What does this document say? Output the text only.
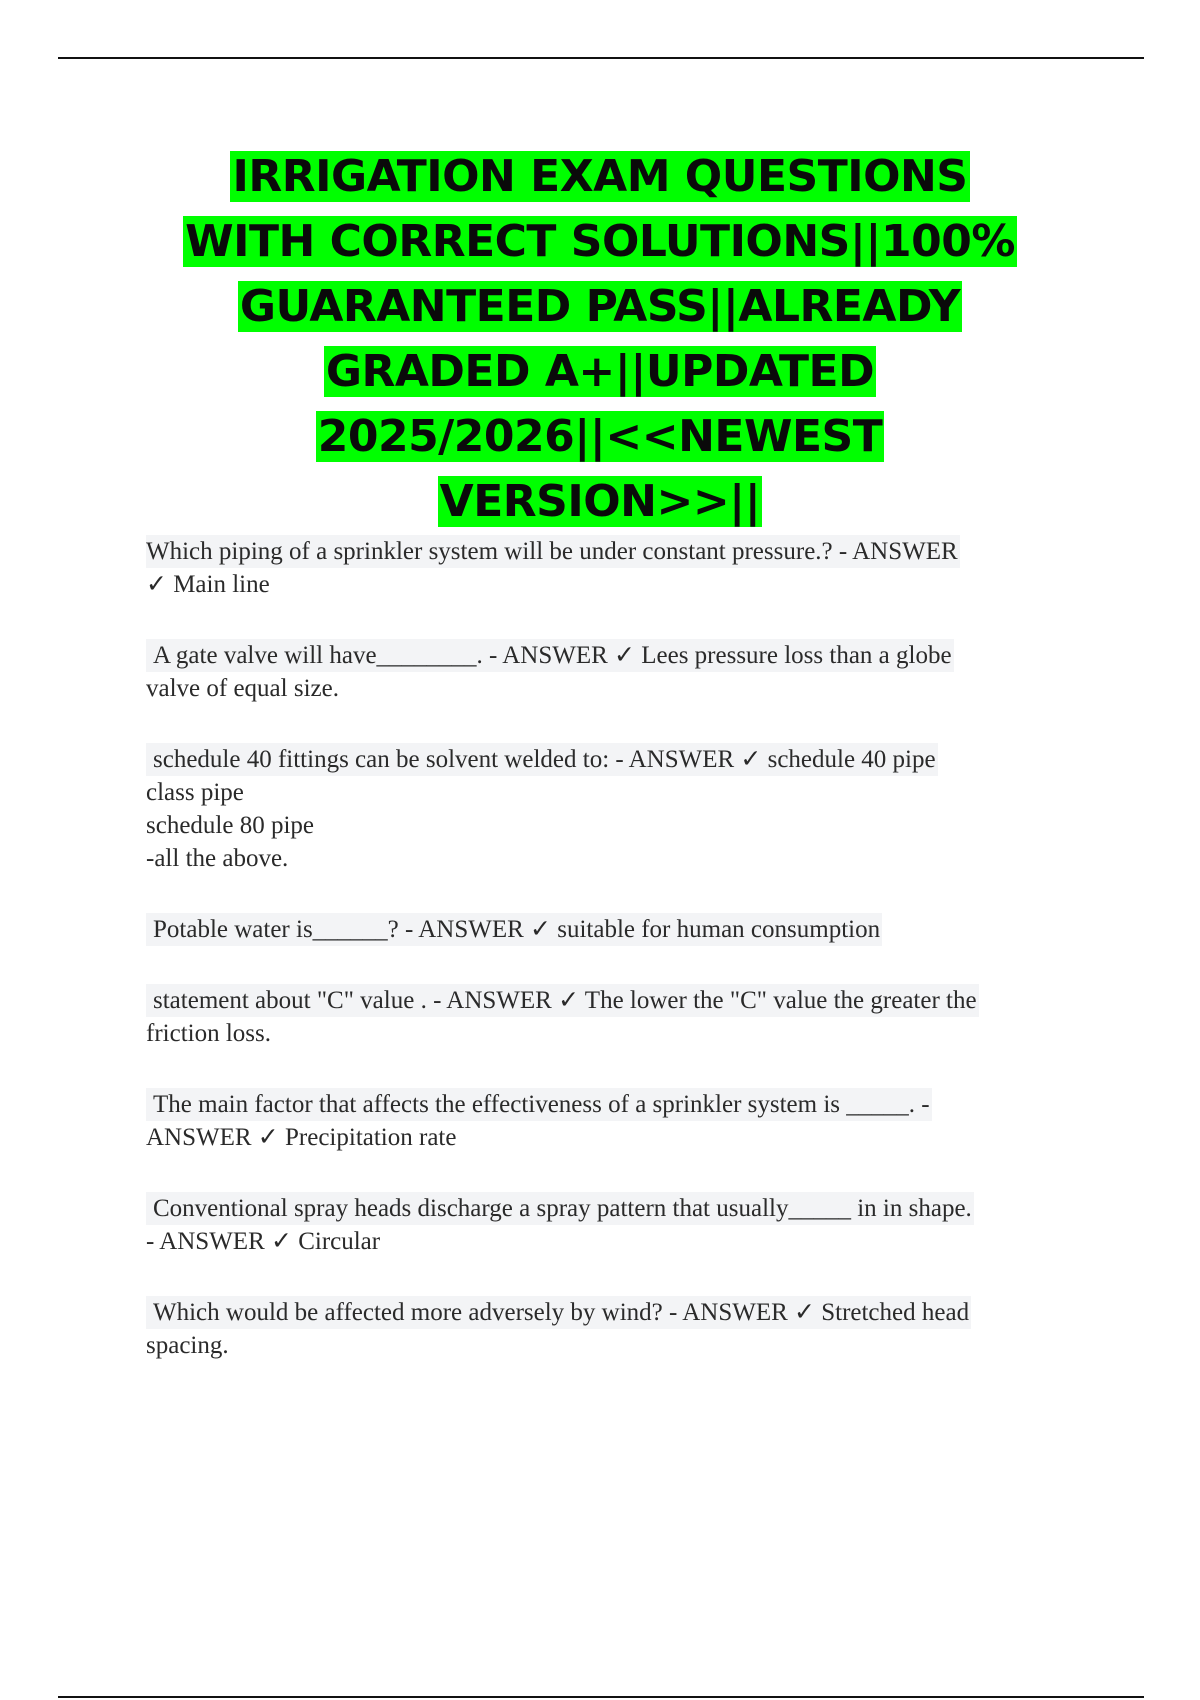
IRRIGATION EXAM QUESTIONS
WITH CORRECT SOLUTIONS||100%
GUARANTEED PASS||ALREADY
GRADED A+||UPDATED
2025/2026||<<NEWEST
VERSION>>||
Which piping of a sprinkler system will be under constant pressure.? - ANSWER
✓ Main line
A gate valve will have________. - ANSWER ✓ Lees pressure loss than a globe
valve of equal size.
schedule 40 fittings can be solvent welded to: - ANSWER ✓ schedule 40 pipe
class pipe
schedule 80 pipe
-all the above.
Potable water is______? - ANSWER ✓ suitable for human consumption
statement about "C" value . - ANSWER ✓ The lower the "C" value the greater the
friction loss.
The main factor that affects the effectiveness of a sprinkler system is _____. -
ANSWER ✓ Precipitation rate
Conventional spray heads discharge a spray pattern that usually_____ in in shape.
- ANSWER ✓ Circular
Which would be affected more adversely by wind? - ANSWER ✓ Stretched head
spacing.
